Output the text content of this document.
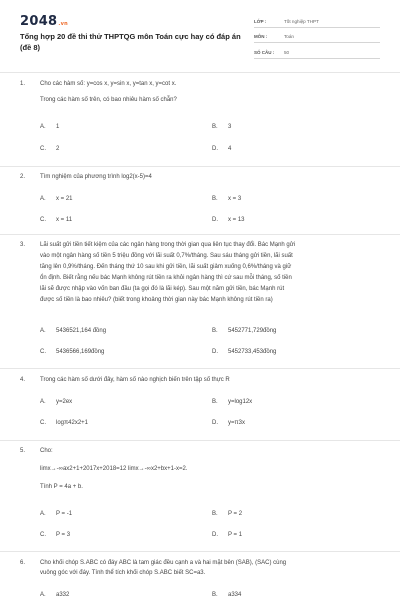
2048.vn
Tổng hợp 20 đề thi thử THPTQG môn Toán cực hay có đáp án (đề 8)
LỚP :	Tốt nghiệp THPT
MÔN :	Toán
SỐ CÂU : 50
1. Cho các hàm số: y=cos x, y=sin x, y=tan x, y=cot x.
Trong các hàm số trên, có bao nhiêu hàm số chẵn?
A. 1	B. 3
C. 2	D. 4
2. Tìm nghiệm của phương trình log2(x-5)=4
A. x = 21	B. x = 3
C. x = 11	D. x = 13
3. Lãi suất gửi tiền tiết kiệm của các ngân hàng trong thời gian qua liên tục thay đổi. Bác Mạnh gửi
vào một ngân hàng số tiền 5 triệu đồng với lãi suất 0,7%/tháng. Sau sáu tháng gửi tiền, lãi suất
tăng lên 0,9%/tháng. Đến tháng thứ 10 sau khi gửi tiền, lãi suất giảm xuống 0,6%/tháng và giữ
ổn định. Biết rằng nếu bác Mạnh không rút tiền ra khỏi ngân hàng thì cứ sau mỗi tháng, số tiền
lãi sẽ được nhập vào vốn ban đầu (ta gọi đó là lãi kép). Sau một năm gửi tiền, bác Mạnh rút
được số tiền là bao nhiêu? (biết trong khoảng thời gian này bác Mạnh không rút tiền ra)
A. 5436521,164 đồng	B. 5452771,729đồng
C. 5436566,169đồng	D. 5452733,453đồng
4. Trong các hàm số dưới đây, hàm số nào nghịch biến trên tập số thực R
A. y=2ex	B. y=log12x
C. logπ42x2+1	D. y=π3x
5. Cho:
limx→-∞ax2+1+2017x+2018=12 limx→-∞x2+bx+1-x=2.
Tính P = 4a + b.
A. P = -1	B. P = 2
C. P = 3	D. P = 1
6. Cho khối chóp S.ABC có đáy ABC là tam giác đều cạnh a và hai mặt bên (SAB), (SAC) cùng
vuông góc với đáy. Tính thể tích khối chóp S.ABC biết SC=a3.
A. a332	B. a334
